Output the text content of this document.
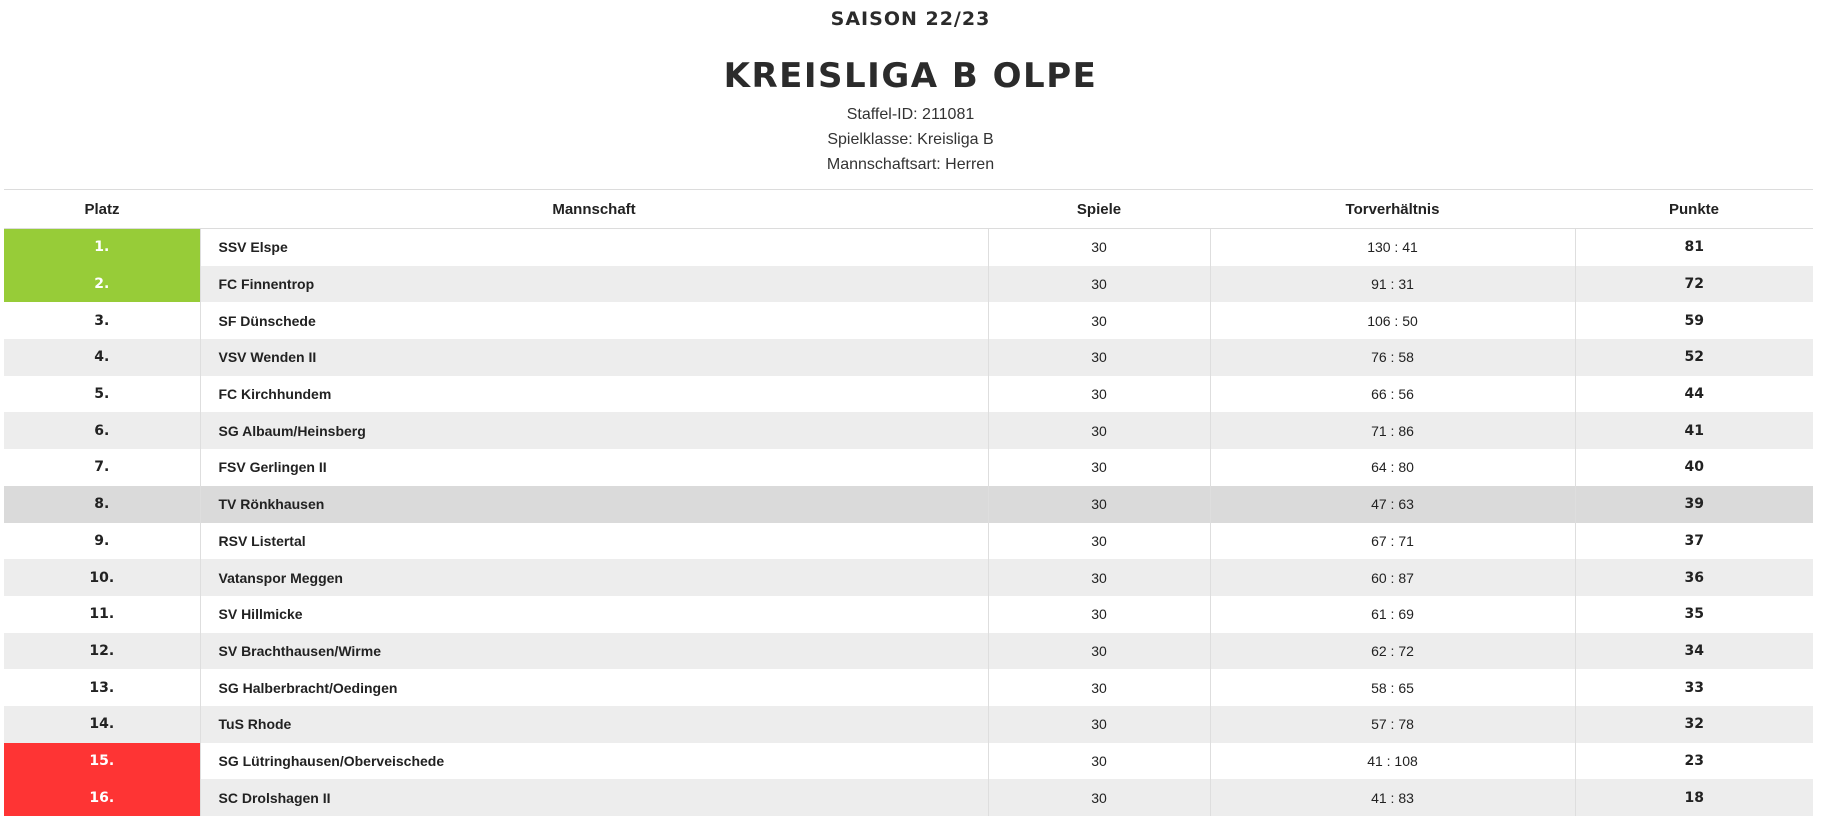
SAISON 22/23
KREISLIGA B OLPE
Staffel-ID: 211081
Spielklasse: Kreisliga B
Mannschaftsart: Herren
Platz	Mannschaft	Spiele	Torverhältnis	Punkte
1.	SSV Elspe	30	130 : 41	81
2.	FC Finnentrop	30	91 : 31	72
3.	SF Dünschede	30	106 : 50	59
4.	VSV Wenden II	30	76 : 58	52
5.	FC Kirchhundem	30	66 : 56	44
6.	SG Albaum/Heinsberg	30	71 : 86	41
7.	FSV Gerlingen II	30	64 : 80	40
8.	TV Rönkhausen	30	47 : 63	39
9.	RSV Listertal	30	67 : 71	37
10.	Vatanspor Meggen	30	60 : 87	36
11.	SV Hillmicke	30	61 : 69	35
12.	SV Brachthausen/Wirme	30	62 : 72	34
13.	SG Halberbracht/Oedingen	30	58 : 65	33
14.	TuS Rhode	30	57 : 78	32
15.	SG Lütringhausen/Oberveischede	30	41 : 108	23
16.	SC Drolshagen II	30	41 : 83	18
